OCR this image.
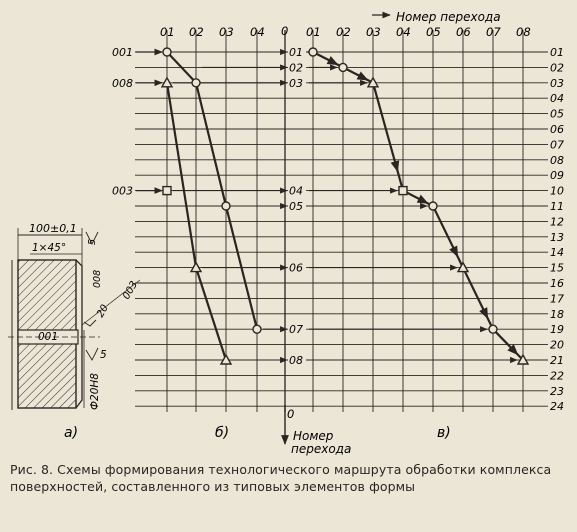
01 02 03 04	01 02 03 04 05 06 07 08
01
02
03
04
05
06
07
08
09
10
11
12
13
14
15
16
17
18
19
20
21
22
23
24
01
02
03
04
05
06
07
08
001
008
003
Номер перехода
0
0
Номер
перехода
а)	б)	в)
100±0,1
1×45°
5
008
20
003
001
5
Ф20Н8
Рис. 8. Схемы формирования технологического маршрута обработки комплекса поверхностей, составленного из типовых элементов формы
